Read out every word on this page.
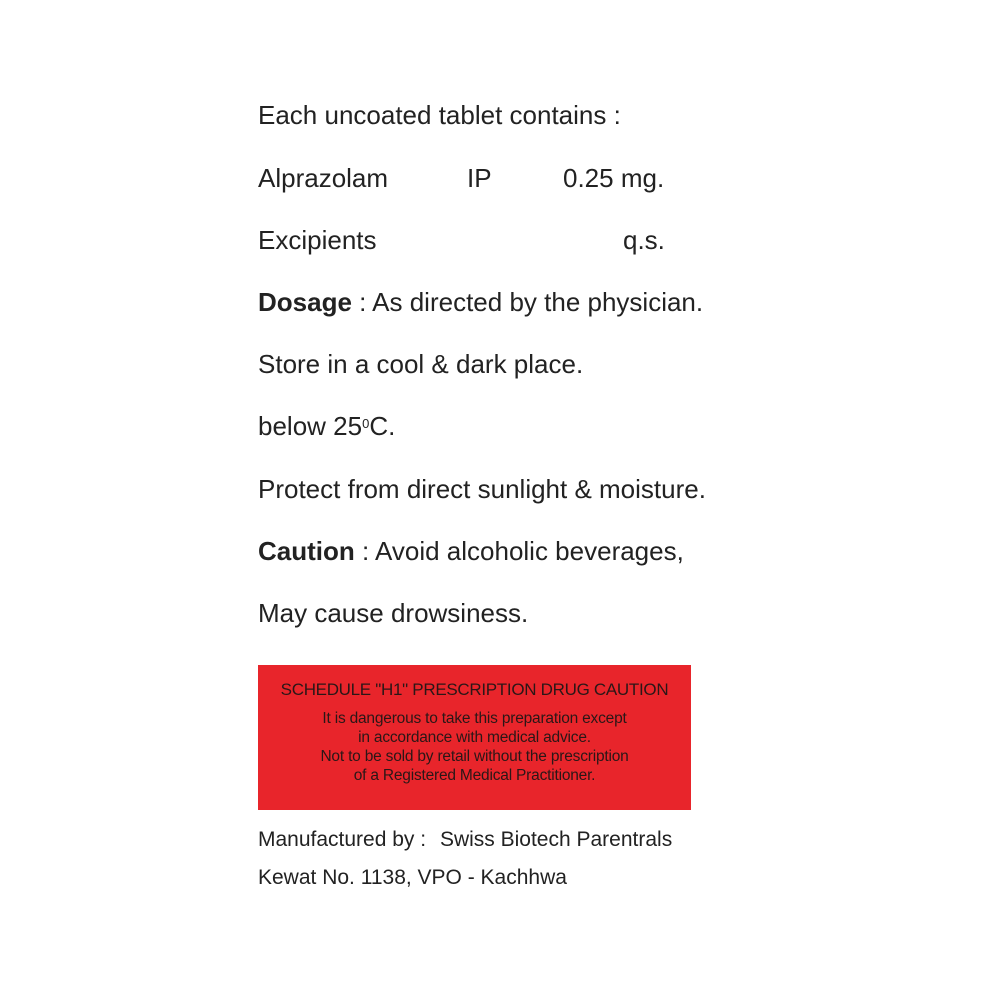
Each uncoated tablet contains :
Alprazolam	IP	0.25 mg.
Excipients	q.s.
Dosage : As directed by the physician.
Store in a cool & dark place.
below $25^0C$.
Protect from direct sunlight & moisture.
Caution : Avoid alcoholic beverages,
May cause drowsiness.
SCHEDULE "H1" PRESCRIPTION DRUG CAUTION
It is dangerous to take this preparation except
in accordance with medical advice.
Not to be sold by retail without the prescription
of a Registered Medical Practitioner.
Manufactured by : Swiss Biotech Parentrals
Kewat No. 1138, VPO - Kachhwa
